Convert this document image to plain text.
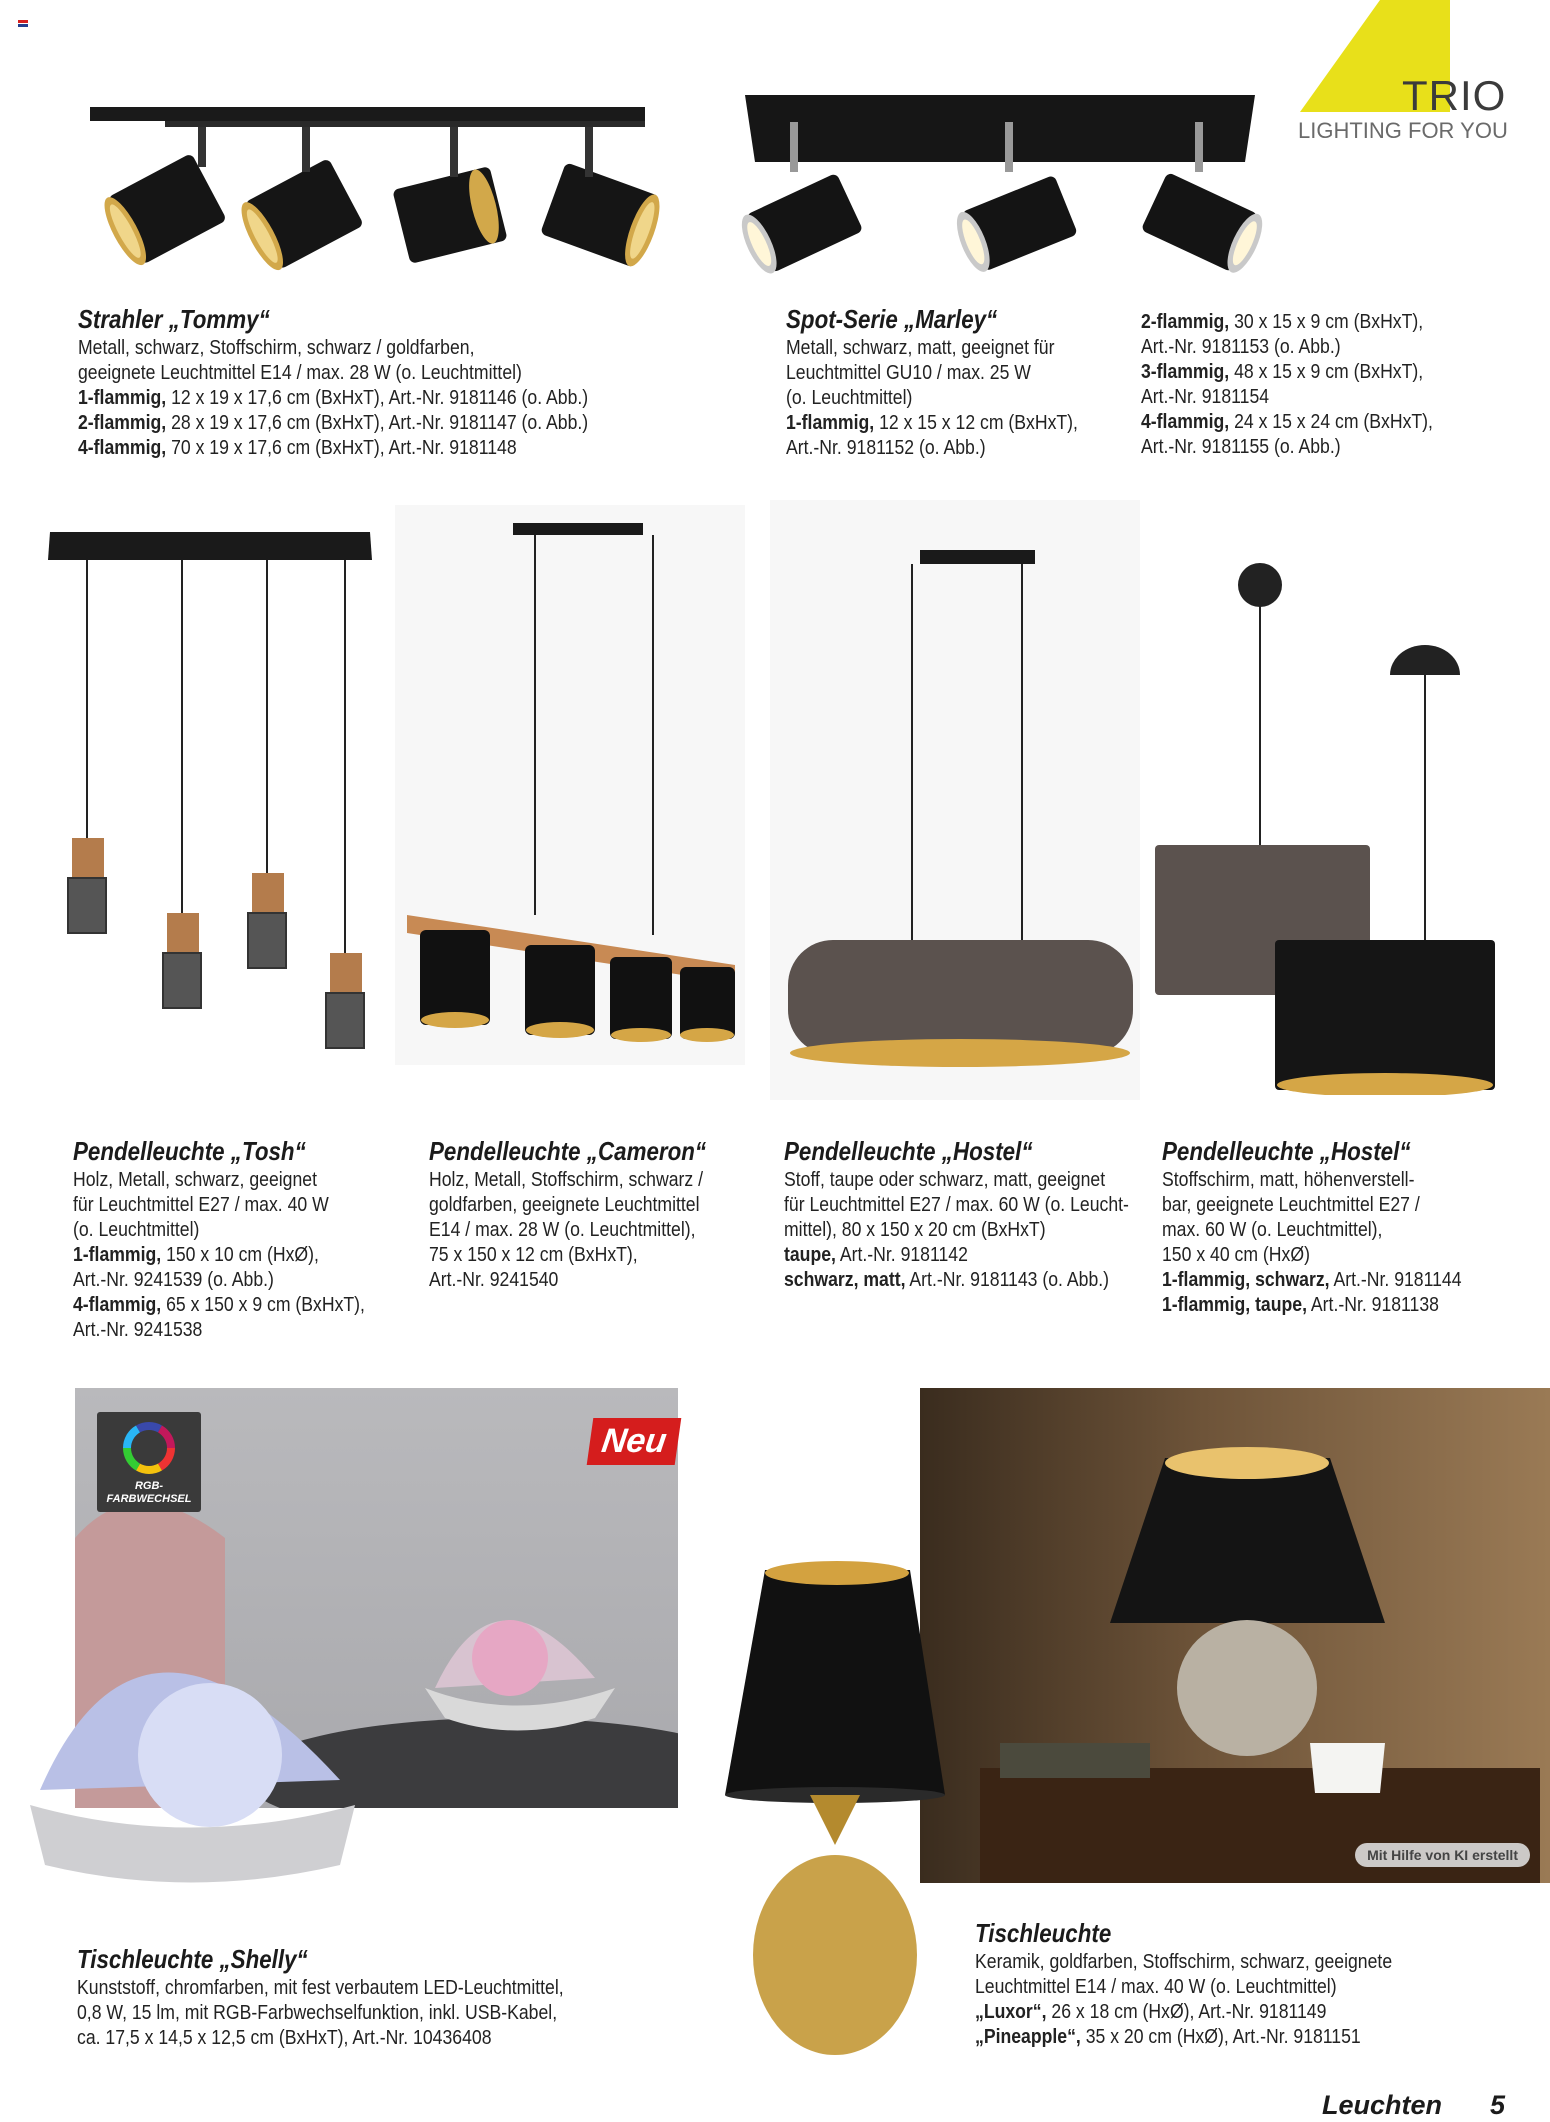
TRIO
LIGHTING FOR YOU
Strahler „Tommy“
Metall, schwarz, Stoffschirm, schwarz / goldfarben,
geeignete Leuchtmittel E14 / max. 28 W (o. Leuchtmittel)
1-flammig, 12 x 19 x 17,6 cm (BxHxT), Art.-Nr. 9181146 (o. Abb.)
2-flammig, 28 x 19 x 17,6 cm (BxHxT), Art.-Nr. 9181147 (o. Abb.)
4-flammig, 70 x 19 x 17,6 cm (BxHxT), Art.-Nr. 9181148
Spot-Serie „Marley“
Metall, schwarz, matt, geeignet für
Leuchtmittel GU10 / max. 25 W
(o. Leuchtmittel)
1-flammig, 12 x 15 x 12 cm (BxHxT),
Art.-Nr. 9181152 (o. Abb.)
2-flammig, 30 x 15 x 9 cm (BxHxT),
Art.-Nr. 9181153 (o. Abb.)
3-flammig, 48 x 15 x 9 cm (BxHxT),
Art.-Nr. 9181154
4-flammig, 24 x 15 x 24 cm (BxHxT),
Art.-Nr. 9181155 (o. Abb.)
Pendelleuchte „Tosh“
Holz, Metall, schwarz, geeignet
für Leuchtmittel E27 / max. 40 W
(o. Leuchtmittel)
1-flammig, 150 x 10 cm (HxØ),
Art.-Nr. 9241539 (o. Abb.)
4-flammig, 65 x 150 x 9 cm (BxHxT),
Art.-Nr. 9241538
Pendelleuchte „Cameron“
Holz, Metall, Stoffschirm, schwarz /
goldfarben, geeignete Leuchtmittel
E14 / max. 28 W (o. Leuchtmittel),
75 x 150 x 12 cm (BxHxT),
Art.-Nr. 9241540
Pendelleuchte „Hostel“
Stoff, taupe oder schwarz, matt, geeignet
für Leuchtmittel E27 / max. 60 W (o. Leucht-
mittel), 80 x 150 x 20 cm (BxHxT)
taupe, Art.-Nr. 9181142
schwarz, matt, Art.-Nr. 9181143 (o. Abb.)
Pendelleuchte „Hostel“
Stoffschirm, matt, höhenverstell-
bar, geeignete Leuchtmittel E27 /
max. 60 W (o. Leuchtmittel),
150 x 40 cm (HxØ)
1-flammig, schwarz, Art.-Nr. 9181144
1-flammig, taupe, Art.-Nr. 9181138
RGB-
FARBWECHSEL
Neu
Mit Hilfe von KI erstellt
Tischleuchte „Shelly“
Kunststoff, chromfarben, mit fest verbautem LED-Leuchtmittel,
0,8 W, 15 lm, mit RGB-Farbwechselfunktion, inkl. USB-Kabel,
ca. 17,5 x 14,5 x 12,5 cm (BxHxT), Art.-Nr. 10436408
Tischleuchte
Keramik, goldfarben, Stoffschirm, schwarz, geeignete
Leuchtmittel E14 / max. 40 W (o. Leuchtmittel)
„Luxor“, 26 x 18 cm (HxØ), Art.-Nr. 9181149
„Pineapple“, 35 x 20 cm (HxØ), Art.-Nr. 9181151
Leuchten 5
